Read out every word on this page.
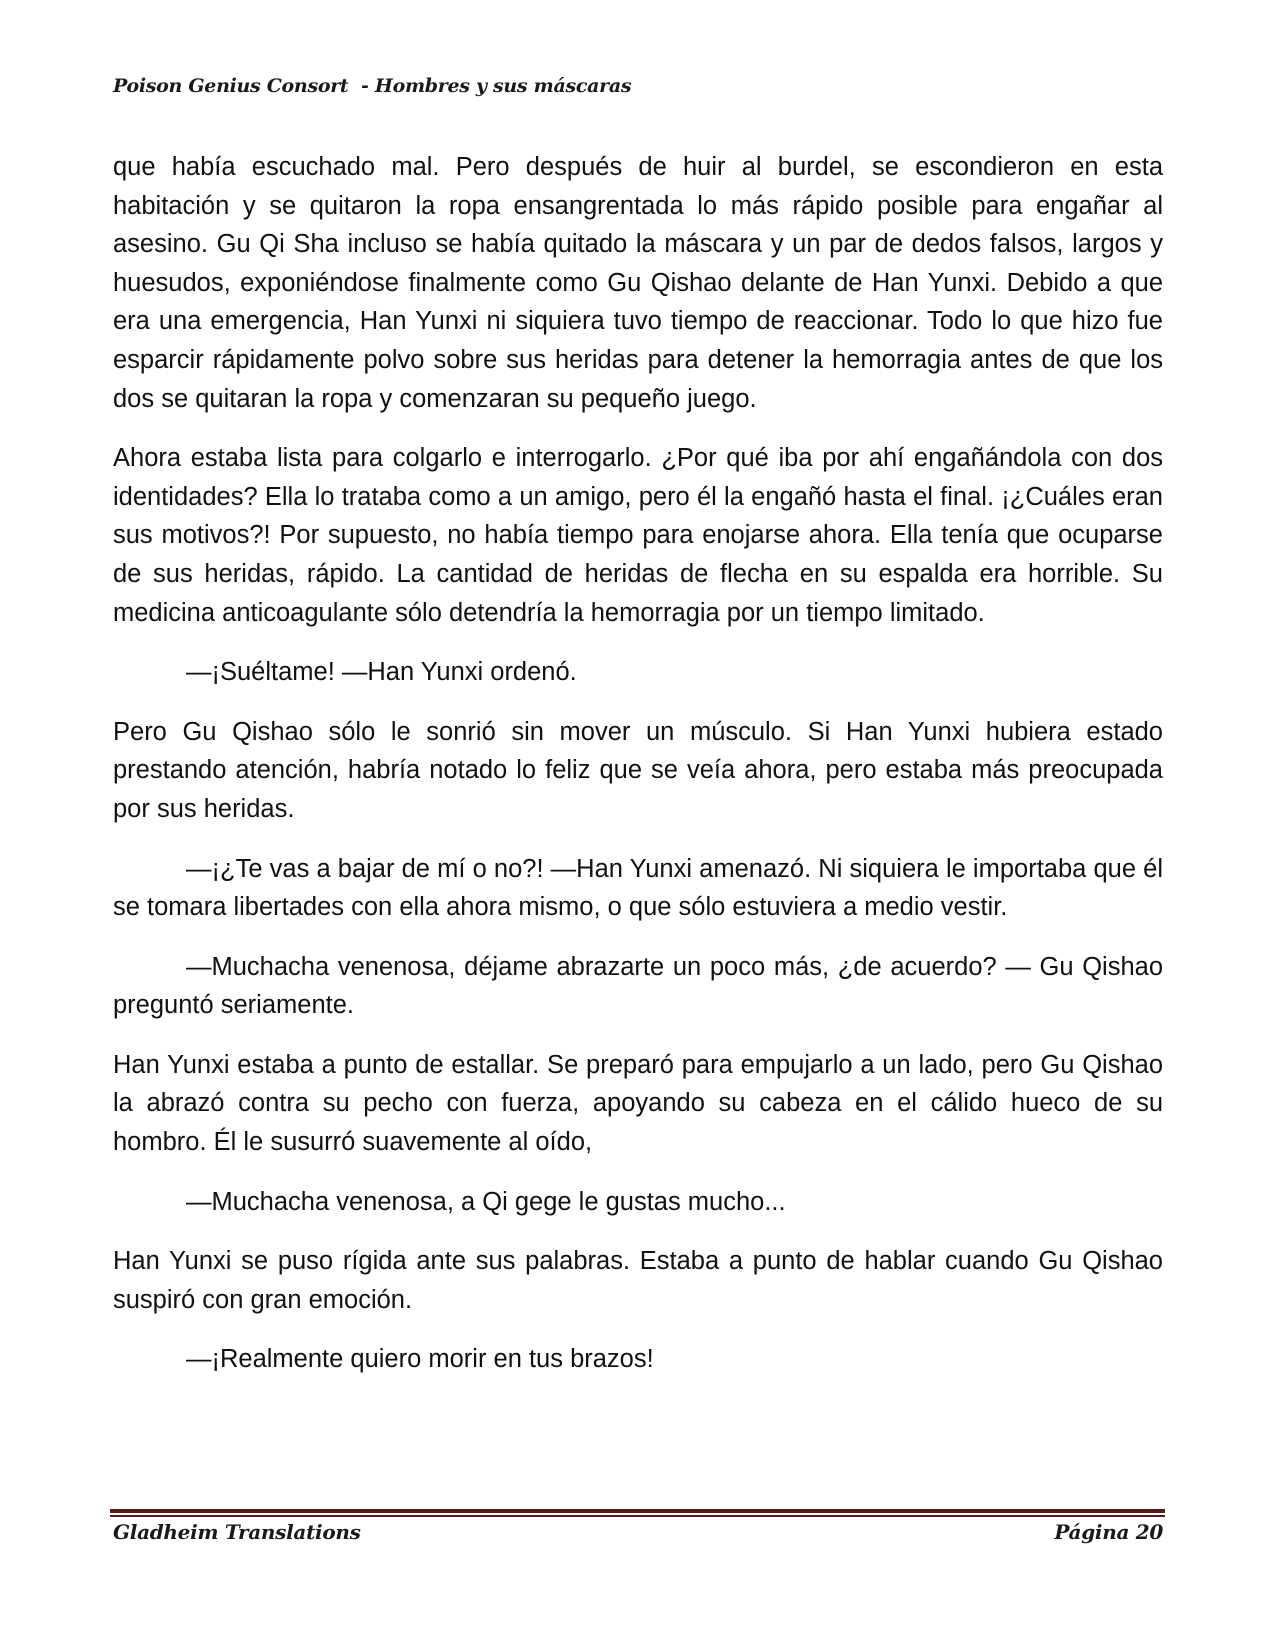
Poison Genius Consort  - Hombres y sus máscaras

que había escuchado mal. Pero después de huir al burdel, se escondieron en esta habitación y se quitaron la ropa ensangrentada lo más rápido posible para engañar al asesino. Gu Qi Sha incluso se había quitado la máscara y un par de dedos falsos, largos y huesudos, exponiéndose finalmente como Gu Qishao delante de Han Yunxi. Debido a que era una emergencia, Han Yunxi ni siquiera tuvo tiempo de reaccionar. Todo lo que hizo fue esparcir rápidamente polvo sobre sus heridas para detener la hemorragia antes de que los dos se quitaran la ropa y comenzaran su pequeño juego.

Ahora estaba lista para colgarlo e interrogarlo. ¿Por qué iba por ahí engañándola con dos identidades? Ella lo trataba como a un amigo, pero él la engañó hasta el final. ¡¿Cuáles eran sus motivos?! Por supuesto, no había tiempo para enojarse ahora. Ella tenía que ocuparse de sus heridas, rápido. La cantidad de heridas de flecha en su espalda era horrible. Su medicina anticoagulante sólo detendría la hemorragia por un tiempo limitado.

—¡Suéltame! —Han Yunxi ordenó.

Pero Gu Qishao sólo le sonrió sin mover un músculo. Si Han Yunxi hubiera estado prestando atención, habría notado lo feliz que se veía ahora, pero estaba más preocupada por sus heridas.

—¡¿Te vas a bajar de mí o no?! —Han Yunxi amenazó. Ni siquiera le importaba que él se tomara libertades con ella ahora mismo, o que sólo estuviera a medio vestir.

—Muchacha venenosa, déjame abrazarte un poco más, ¿de acuerdo? — Gu Qishao preguntó seriamente.

Han Yunxi estaba a punto de estallar. Se preparó para empujarlo a un lado, pero Gu Qishao la abrazó contra su pecho con fuerza, apoyando su cabeza en el cálido hueco de su hombro. Él le susurró suavemente al oído,

—Muchacha venenosa, a Qi gege le gustas mucho...

Han Yunxi se puso rígida ante sus palabras. Estaba a punto de hablar cuando Gu Qishao suspiró con gran emoción.

—¡Realmente quiero morir en tus brazos!

Gladheim Translations	Página 20
